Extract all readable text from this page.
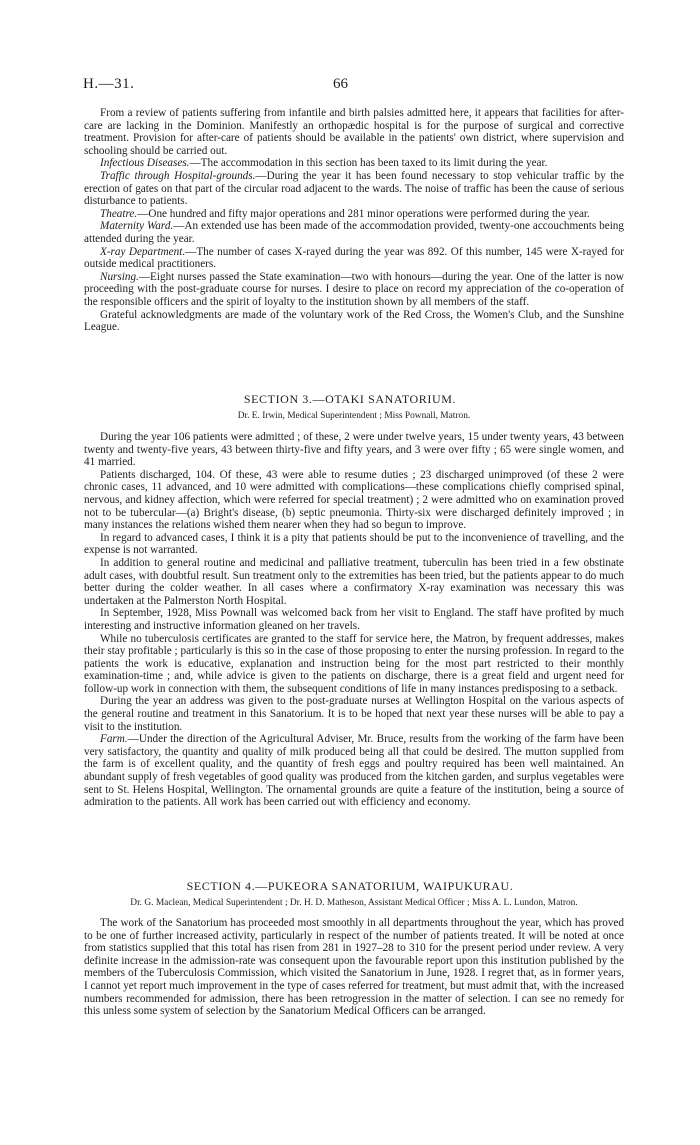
H.—31.	66

From a review of patients suffering from infantile and birth palsies admitted here, it appears that facilities for after-care are lacking in the Dominion. Manifestly an orthopædic hospital is for the purpose of surgical and corrective treatment. Provision for after-care of patients should be available in the patients' own district, where supervision and schooling should be carried out.

Infectious Diseases.—The accommodation in this section has been taxed to its limit during the year.

Traffic through Hospital-grounds.—During the year it has been found necessary to stop vehicular traffic by the erection of gates on that part of the circular road adjacent to the wards. The noise of traffic has been the cause of serious disturbance to patients.

Theatre.—One hundred and fifty major operations and 281 minor operations were performed during the year.

Maternity Ward.—An extended use has been made of the accommodation provided, twenty-one accouchments being attended during the year.

X-ray Department.—The number of cases X-rayed during the year was 892. Of this number, 145 were X-rayed for outside medical practitioners.

Nursing.—Eight nurses passed the State examination—two with honours—during the year. One of the latter is now proceeding with the post-graduate course for nurses. I desire to place on record my appreciation of the co-operation of the responsible officers and the spirit of loyalty to the institution shown by all members of the staff.

Grateful acknowledgments are made of the voluntary work of the Red Cross, the Women's Club, and the Sunshine League.

SECTION 3.—OTAKI SANATORIUM.
Dr. E. Irwin, Medical Superintendent ; Miss Pownall, Matron.

During the year 106 patients were admitted ; of these, 2 were under twelve years, 15 under twenty years, 43 between twenty and twenty-five years, 43 between thirty-five and fifty years, and 3 were over fifty ; 65 were single women, and 41 married.

Patients discharged, 104. Of these, 43 were able to resume duties ; 23 discharged unimproved (of these 2 were chronic cases, 11 advanced, and 10 were admitted with complications—these complications chiefly comprised spinal, nervous, and kidney affection, which were referred for special treatment) ; 2 were admitted who on examination proved not to be tubercular—(a) Bright's disease, (b) septic pneumonia. Thirty-six were discharged definitely improved ; in many instances the relations wished them nearer when they had so begun to improve.

In regard to advanced cases, I think it is a pity that patients should be put to the inconvenience of travelling, and the expense is not warranted.

In addition to general routine and medicinal and palliative treatment, tuberculin has been tried in a few obstinate adult cases, with doubtful result. Sun treatment only to the extremities has been tried, but the patients appear to do much better during the colder weather. In all cases where a confirmatory X-ray examination was necessary this was undertaken at the Palmerston North Hospital.

In September, 1928, Miss Pownall was welcomed back from her visit to England. The staff have profited by much interesting and instructive information gleaned on her travels.

While no tuberculosis certificates are granted to the staff for service here, the Matron, by frequent addresses, makes their stay profitable ; particularly is this so in the case of those proposing to enter the nursing profession. In regard to the patients the work is educative, explanation and instruction being for the most part restricted to their monthly examination-time ; and, while advice is given to the patients on discharge, there is a great field and urgent need for follow-up work in connection with them, the subsequent conditions of life in many instances predisposing to a setback.

During the year an address was given to the post-graduate nurses at Wellington Hospital on the various aspects of the general routine and treatment in this Sanatorium. It is to be hoped that next year these nurses will be able to pay a visit to the institution.

Farm.—Under the direction of the Agricultural Adviser, Mr. Bruce, results from the working of the farm have been very satisfactory, the quantity and quality of milk produced being all that could be desired. The mutton supplied from the farm is of excellent quality, and the quantity of fresh eggs and poultry required has been well maintained. An abundant supply of fresh vegetables of good quality was produced from the kitchen garden, and surplus vegetables were sent to St. Helens Hospital, Wellington. The ornamental grounds are quite a feature of the institution, being a source of admiration to the patients. All work has been carried out with efficiency and economy.

SECTION 4.—PUKEORA SANATORIUM, WAIPUKURAU.
Dr. G. Maclean, Medical Superintendent ; Dr. H. D. Matheson, Assistant Medical Officer ; Miss A. L. Lundon, Matron.

The work of the Sanatorium has proceeded most smoothly in all departments throughout the year, which has proved to be one of further increased activity, particularly in respect of the number of patients treated. It will be noted at once from statistics supplied that this total has risen from 281 in 1927–28 to 310 for the present period under review. A very definite increase in the admission-rate was consequent upon the favourable report upon this institution published by the members of the Tuberculosis Commission, which visited the Sanatorium in June, 1928. I regret that, as in former years, I cannot yet report much improvement in the type of cases referred for treatment, but must admit that, with the increased numbers recommended for admission, there has been retrogression in the matter of selection. I can see no remedy for this unless some system of selection by the Sanatorium Medical Officers can be arranged.
